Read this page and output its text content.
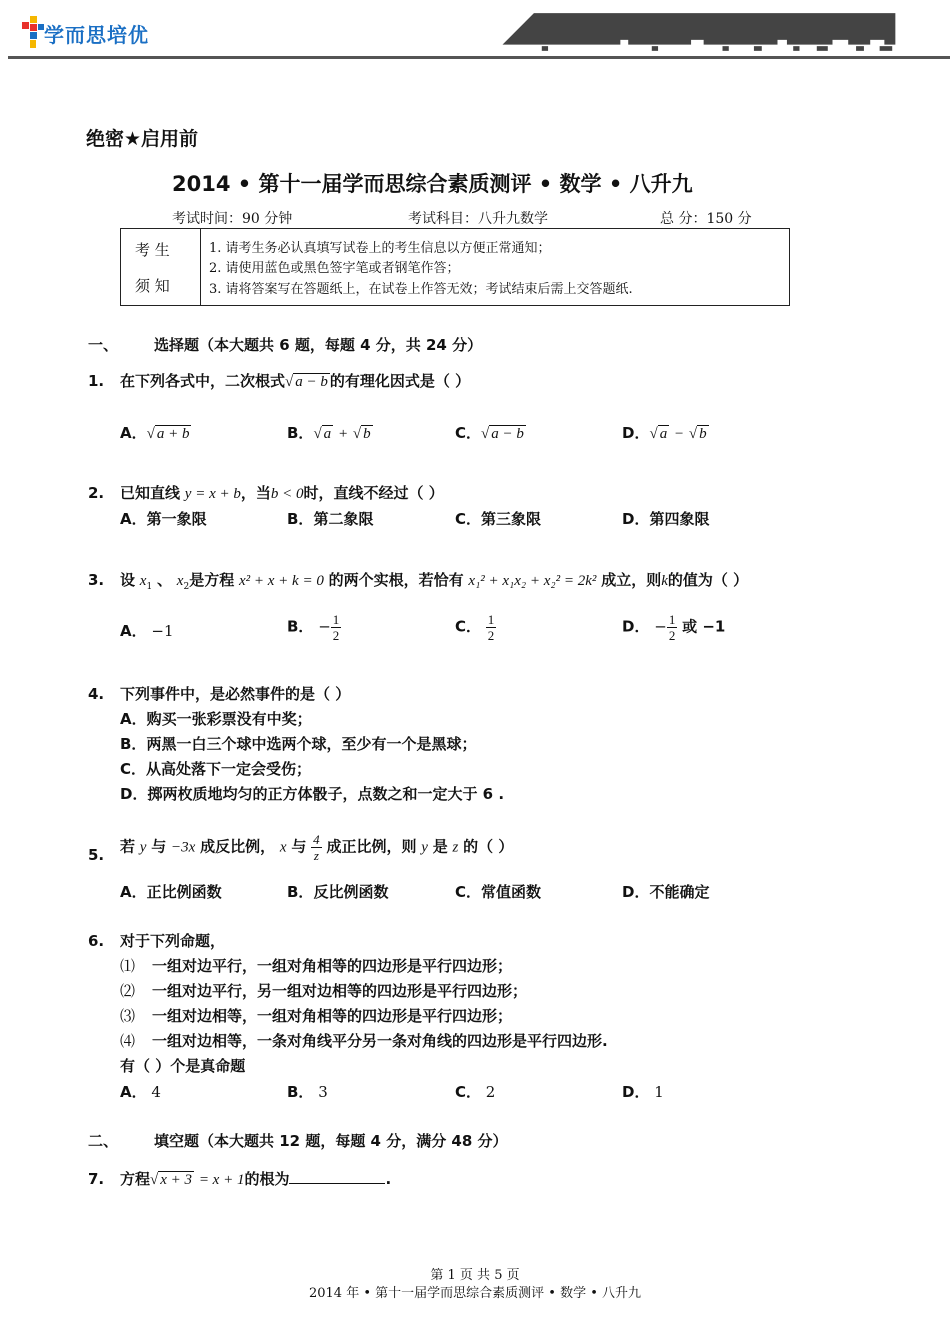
学而思培优
绝密★启用前
2014 • 第十一届学而思综合素质测评 • 数学 • 八升九
考试时间：90 分钟	考试科目：八升九数学	总 分：150 分
考 生
须 知
1. 请考生务必认真填写试卷上的考生信息以方便正常通知；
2. 请使用蓝色或黑色签字笔或者钢笔作答；
3. 请将答案写在答题纸上，在试卷上作答无效；考试结束后需上交答题纸.
一、 选择题（本大题共 6 题，每题 4 分，共 24 分）
1. 在下列各式中，二次根式√ a − b 的有理化因式是（ ）
A．√ a + b	B．√ a + √ b	C．√ a − b	D．√ a − √ b
2. 已知直线 y = x + b，当b < 0时，直线不经过（ ）
A．第一象限	B．第二象限	C．第三象限	D．第四象限
3. 设 $x_1$ 、 $x_2$是方程 x² + x + k = 0 的两个实根，若恰有 x₁² + x₁x₂ + x₂² = 2k² 成立，则k的值为（ ）
A． −1	B． − $\frac{1}{2}$	C． $\frac{1}{2}$	D． − $\frac{1}{2}$ 或 −1
4. 下列事件中，是必然事件的是（ ）
A．购买一张彩票没有中奖；
B．两黑一白三个球中选两个球，至少有一个是黑球；
C．从高处落下一定会受伤；
D．掷两枚质地均匀的正方体骰子，点数之和一定大于 6 .
5. 若 y 与 −3x 成反比例， x 与 $\frac{4}{z}$ 成正比例，则 y 是 z 的（ ）
A．正比例函数	B．反比例函数	C．常值函数	D．不能确定
6. 对于下列命题，
⑴ 一组对边平行，一组对角相等的四边形是平行四边形；
⑵ 一组对边平行，另一组对边相等的四边形是平行四边形；
⑶ 一组对边相等，一组对角相等的四边形是平行四边形；
⑷ 一组对边相等，一条对角线平分另一条对角线的四边形是平行四边形.
有（ ）个是真命题
A． 4	B． 3	C． 2	D． 1
二、 填空题（本大题共 12 题，每题 4 分，满分 48 分）
7. 方程√ x + 3 = x + 1的根为	.
第 1 页 共 5 页
2014 年 • 第十一届学而思综合素质测评 • 数学 • 八升九
